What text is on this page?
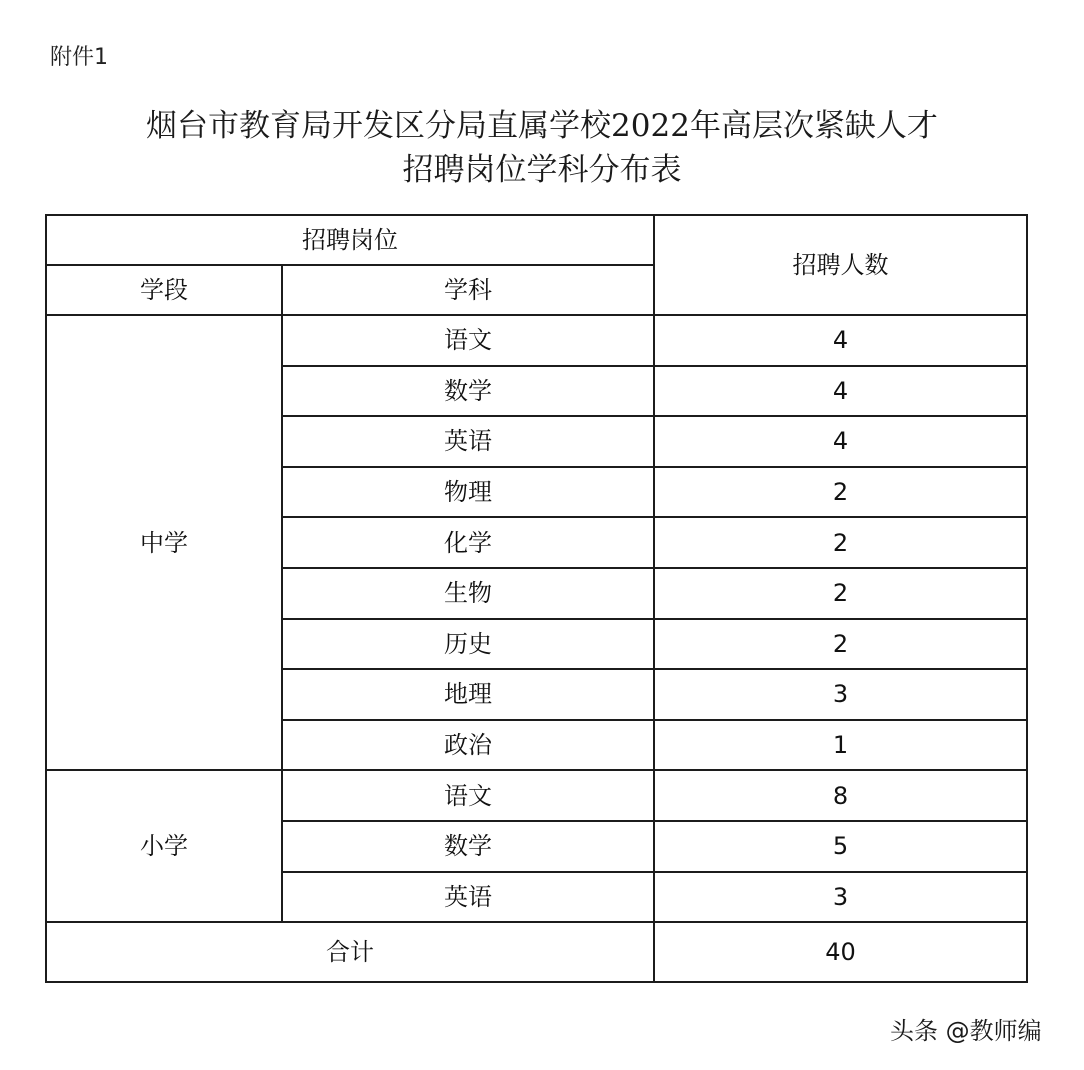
附件1
烟台市教育局开发区分局直属学校2022年高层次紧缺人才
招聘岗位学科分布表
招聘岗位		招聘人数
学段	学科	
中学	语文	4
	数学	4
	英语	4
	物理	2
	化学	2
	生物	2
	历史	2
	地理	3
	政治	1
小学	语文	8
	数学	5
	英语	3
合计		40
头条 @教师编
